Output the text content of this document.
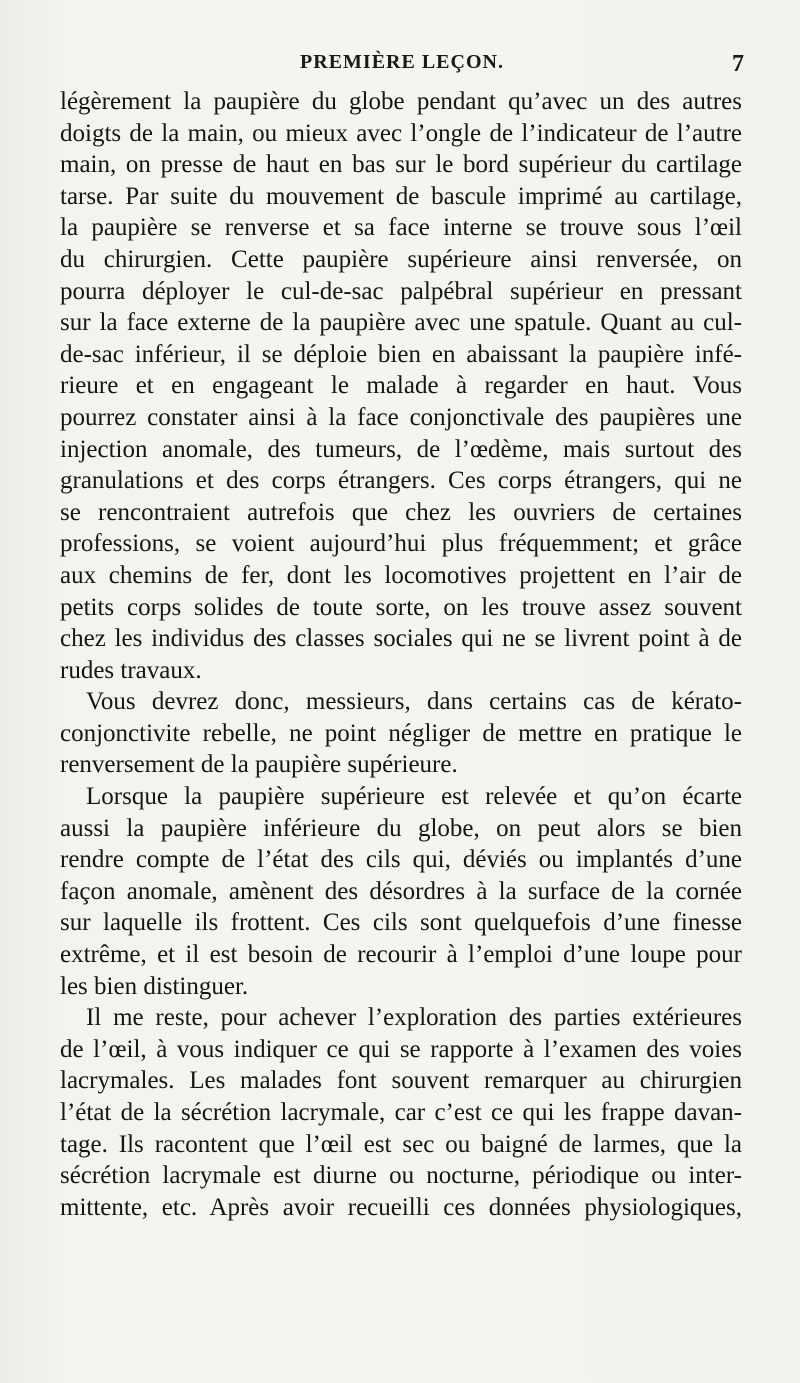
PREMIÈRE LEÇON.	7
légèrement la paupière du globe pendant qu’avec un des autres
doigts de la main, ou mieux avec l’ongle de l’indicateur de l’autre
main, on presse de haut en bas sur le bord supérieur du cartilage
tarse. Par suite du mouvement de bascule imprimé au cartilage,
la paupière se renverse et sa face interne se trouve sous l’œil
du chirurgien. Cette paupière supérieure ainsi renversée, on
pourra déployer le cul-de-sac palpébral supérieur en pressant
sur la face externe de la paupière avec une spatule. Quant au cul-
de-sac inférieur, il se déploie bien en abaissant la paupière infé-
rieure et en engageant le malade à regarder en haut. Vous
pourrez constater ainsi à la face conjonctivale des paupières une
injection anomale, des tumeurs, de l’œdème, mais surtout des
granulations et des corps étrangers. Ces corps étrangers, qui ne
se rencontraient autrefois que chez les ouvriers de certaines
professions, se voient aujourd’hui plus fréquemment; et grâce
aux chemins de fer, dont les locomotives projettent en l’air de
petits corps solides de toute sorte, on les trouve assez souvent
chez les individus des classes sociales qui ne se livrent point à de
rudes travaux.
Vous devrez donc, messieurs, dans certains cas de kérato-
conjonctivite rebelle, ne point négliger de mettre en pratique le
renversement de la paupière supérieure.
Lorsque la paupière supérieure est relevée et qu’on écarte
aussi la paupière inférieure du globe, on peut alors se bien
rendre compte de l’état des cils qui, déviés ou implantés d’une
façon anomale, amènent des désordres à la surface de la cornée
sur laquelle ils frottent. Ces cils sont quelquefois d’une finesse
extrême, et il est besoin de recourir à l’emploi d’une loupe pour
les bien distinguer.
Il me reste, pour achever l’exploration des parties extérieures
de l’œil, à vous indiquer ce qui se rapporte à l’examen des voies
lacrymales. Les malades font souvent remarquer au chirurgien
l’état de la sécrétion lacrymale, car c’est ce qui les frappe davan-
tage. Ils racontent que l’œil est sec ou baigné de larmes, que la
sécrétion lacrymale est diurne ou nocturne, périodique ou inter-
mittente, etc. Après avoir recueilli ces données physiologiques,
